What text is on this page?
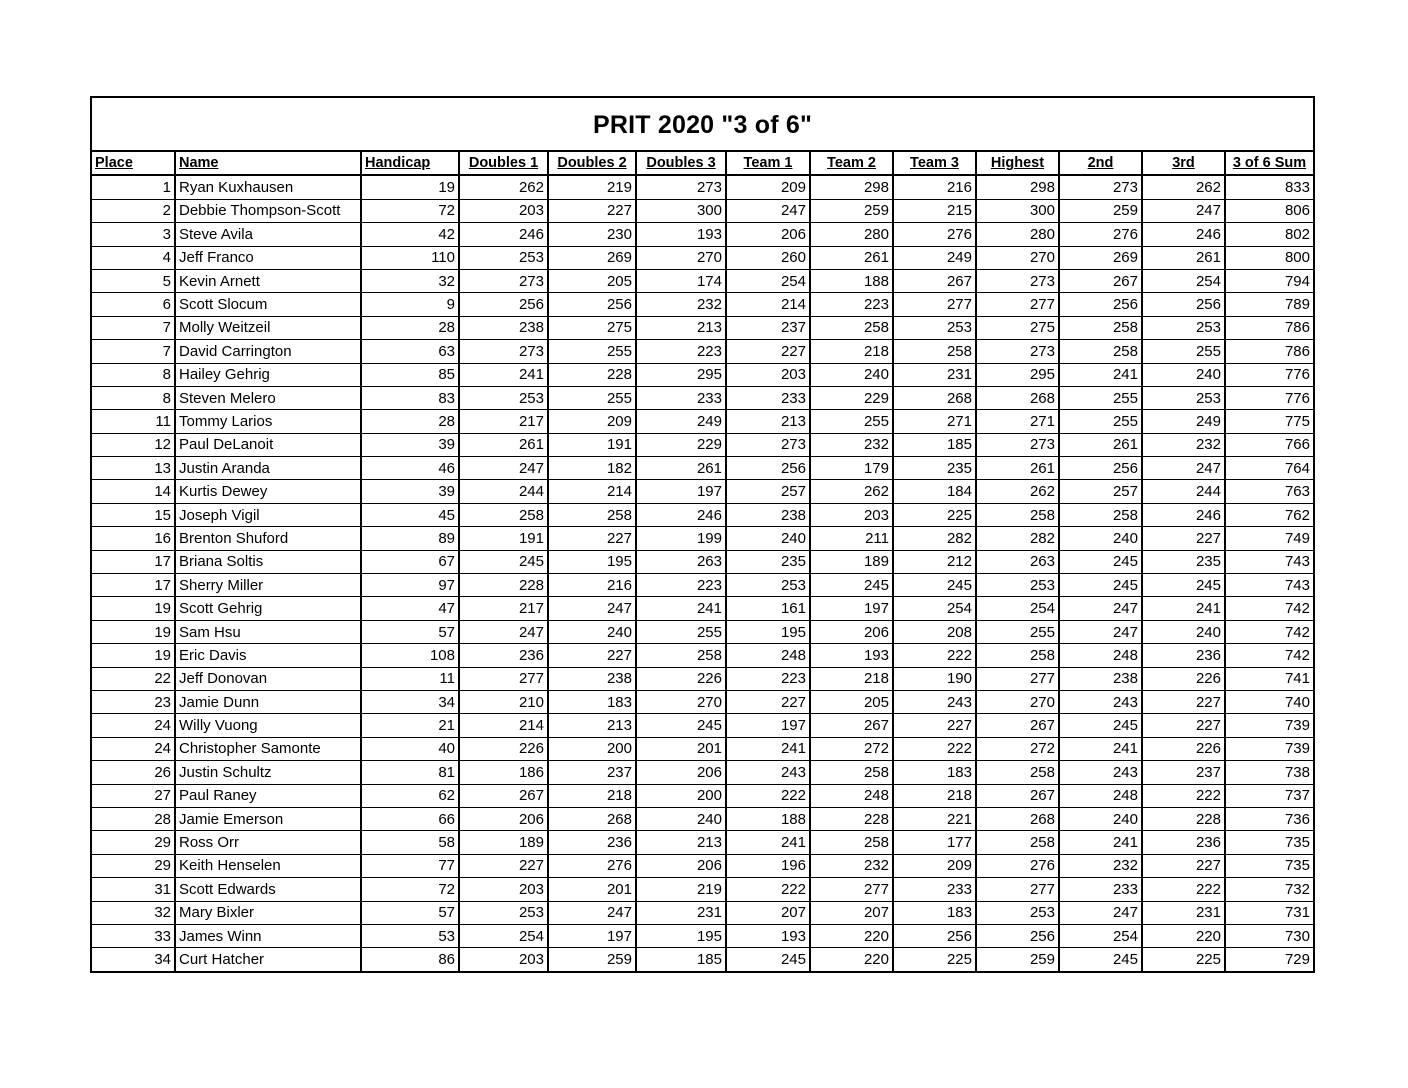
PRIT 2020 "3 of 6"
Place	Name	Handicap	Doubles 1	Doubles 2	Doubles 3	Team 1	Team 2	Team 3	Highest	2nd	3rd	3 of 6 Sum
1	Ryan Kuxhausen	19	262	219	273	209	298	216	298	273	262	833
2	Debbie Thompson-Scott	72	203	227	300	247	259	215	300	259	247	806
3	Steve Avila	42	246	230	193	206	280	276	280	276	246	802
4	Jeff Franco	110	253	269	270	260	261	249	270	269	261	800
5	Kevin Arnett	32	273	205	174	254	188	267	273	267	254	794
6	Scott Slocum	9	256	256	232	214	223	277	277	256	256	789
7	Molly Weitzeil	28	238	275	213	237	258	253	275	258	253	786
7	David Carrington	63	273	255	223	227	218	258	273	258	255	786
8	Hailey Gehrig	85	241	228	295	203	240	231	295	241	240	776
8	Steven Melero	83	253	255	233	233	229	268	268	255	253	776
11	Tommy Larios	28	217	209	249	213	255	271	271	255	249	775
12	Paul DeLanoit	39	261	191	229	273	232	185	273	261	232	766
13	Justin Aranda	46	247	182	261	256	179	235	261	256	247	764
14	Kurtis Dewey	39	244	214	197	257	262	184	262	257	244	763
15	Joseph Vigil	45	258	258	246	238	203	225	258	258	246	762
16	Brenton Shuford	89	191	227	199	240	211	282	282	240	227	749
17	Briana Soltis	67	245	195	263	235	189	212	263	245	235	743
17	Sherry Miller	97	228	216	223	253	245	245	253	245	245	743
19	Scott Gehrig	47	217	247	241	161	197	254	254	247	241	742
19	Sam Hsu	57	247	240	255	195	206	208	255	247	240	742
19	Eric Davis	108	236	227	258	248	193	222	258	248	236	742
22	Jeff Donovan	11	277	238	226	223	218	190	277	238	226	741
23	Jamie Dunn	34	210	183	270	227	205	243	270	243	227	740
24	Willy Vuong	21	214	213	245	197	267	227	267	245	227	739
24	Christopher Samonte	40	226	200	201	241	272	222	272	241	226	739
26	Justin Schultz	81	186	237	206	243	258	183	258	243	237	738
27	Paul Raney	62	267	218	200	222	248	218	267	248	222	737
28	Jamie Emerson	66	206	268	240	188	228	221	268	240	228	736
29	Ross Orr	58	189	236	213	241	258	177	258	241	236	735
29	Keith Henselen	77	227	276	206	196	232	209	276	232	227	735
31	Scott Edwards	72	203	201	219	222	277	233	277	233	222	732
32	Mary Bixler	57	253	247	231	207	207	183	253	247	231	731
33	James Winn	53	254	197	195	193	220	256	256	254	220	730
34	Curt Hatcher	86	203	259	185	245	220	225	259	245	225	729
